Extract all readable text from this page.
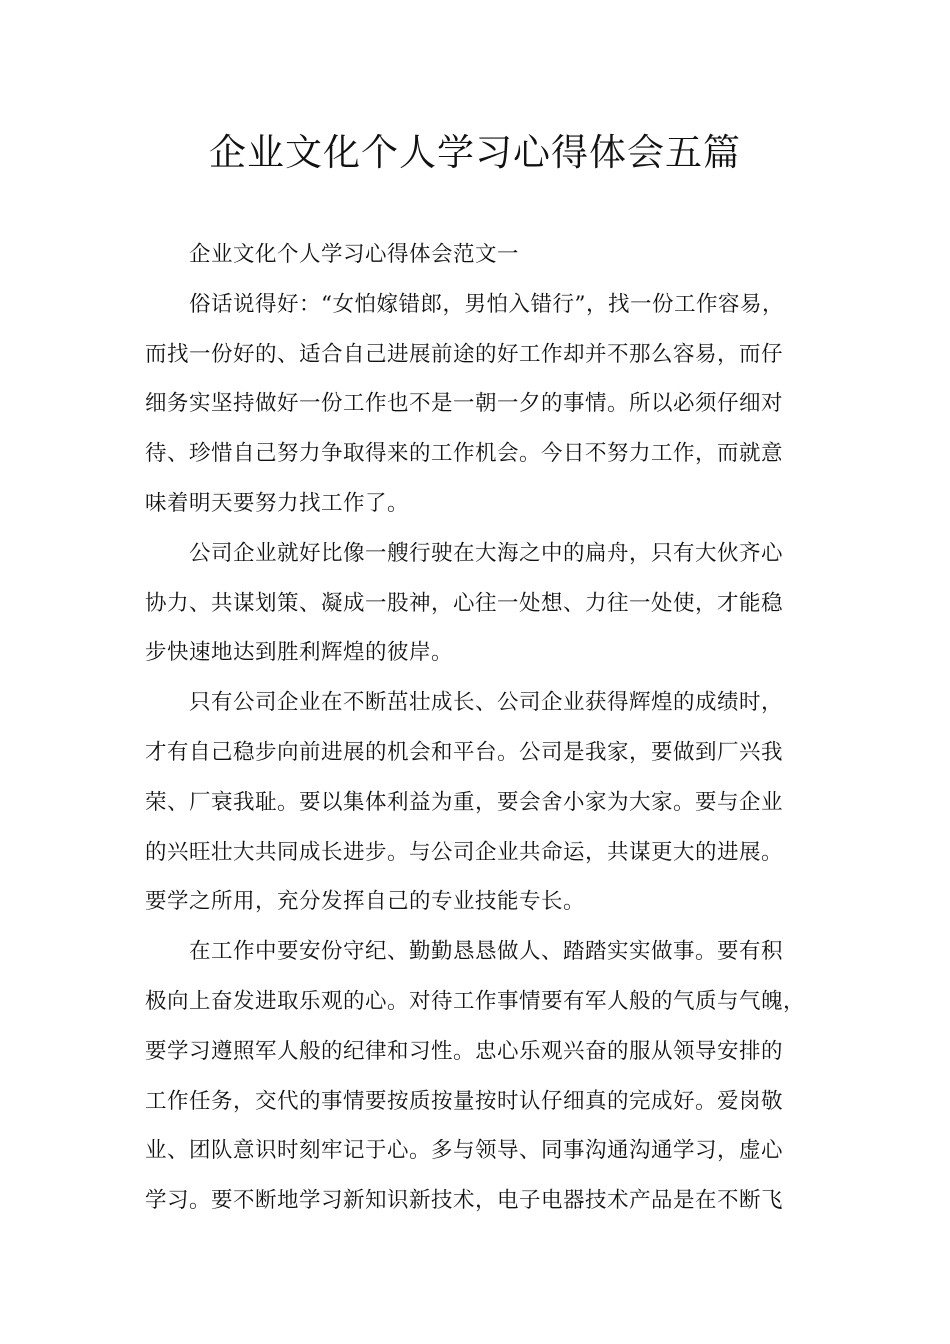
企业文化个人学习心得体会五篇
企业文化个人学习心得体会范文一
俗话说得好：“女怕嫁错郎，男怕入错行”，找一份工作容易，
而找一份好的、适合自己进展前途的好工作却并不那么容易，而仔
细务实坚持做好一份工作也不是一朝一夕的事情。所以必须仔细对
待、珍惜自己努力争取得来的工作机会。今日不努力工作，而就意
味着明天要努力找工作了。
公司企业就好比像一艘行驶在大海之中的扁舟，只有大伙齐心
协力、共谋划策、凝成一股神，心往一处想、力往一处使，才能稳
步快速地达到胜利辉煌的彼岸。
只有公司企业在不断茁壮成长、公司企业获得辉煌的成绩时，
才有自己稳步向前进展的机会和平台。公司是我家，要做到厂兴我
荣、厂衰我耻。要以集体利益为重，要会舍小家为大家。要与企业
的兴旺壮大共同成长进步。与公司企业共命运，共谋更大的进展。
要学之所用，充分发挥自己的专业技能专长。
在工作中要安份守纪、勤勤恳恳做人、踏踏实实做事。要有积
极向上奋发进取乐观的心。对待工作事情要有军人般的气质与气魄，
要学习遵照军人般的纪律和习性。忠心乐观兴奋的服从领导安排的
工作任务，交代的事情要按质按量按时认仔细真的完成好。爱岗敬
业、团队意识时刻牢记于心。多与领导、同事沟通沟通学习，虚心
学习。要不断地学习新知识新技术，电子电器技术产品是在不断飞
